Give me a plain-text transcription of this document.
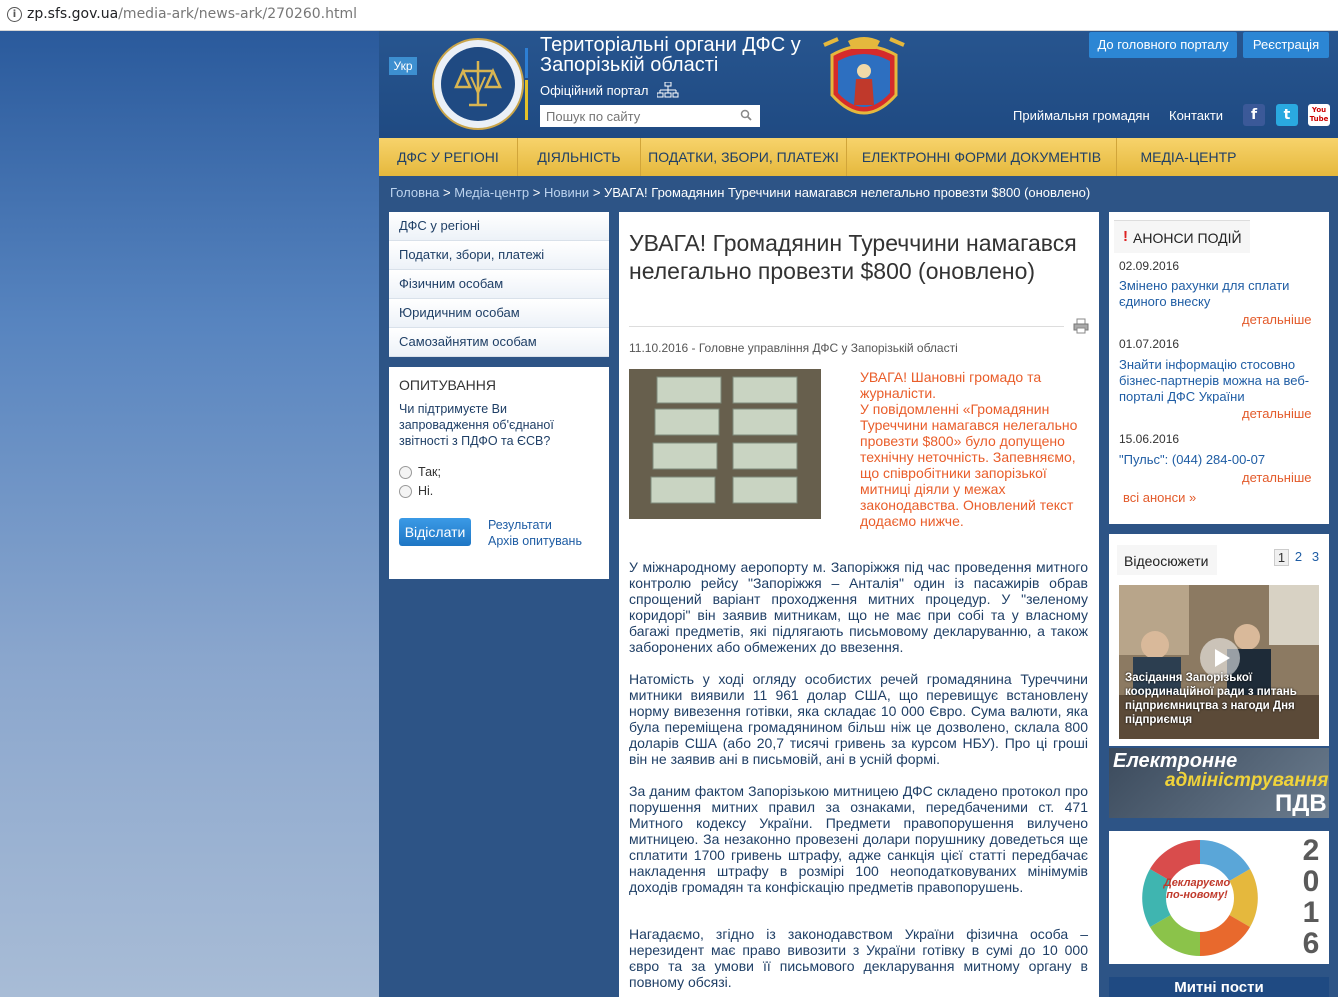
i zp.sfs.gov.ua/media-ark/news-ark/270260.html
Укр
Територіальні органи ДФС у Запорізькій області
Офіційний портал
Пошук по сайту
До головного порталу	Реєстрація
Приймальня громадян Контакти	f	t	You Tube
ДФС У РЕГІОНІ	ДІЯЛЬНІСТЬ	ПОДАТКИ, ЗБОРИ, ПЛАТЕЖІ	ЕЛЕКТРОННІ ФОРМИ ДОКУМЕНТІВ	МЕДІА-ЦЕНТР
Головна > Медіа-центр > Новини > УВАГА! Громадянин Туреччини намагався нелегально провезти $800 (оновлено)
ДФС у регіоні
Податки, збори, платежі
Фізичним особам
Юридичним особам
Самозайнятим особам
ОПИТУВАННЯ
Чи підтримуєте Ви запровадження об'єднаної звітності з ПДФО та ЄСВ?
Так;
Ні.
Відіслати	Результати
Архів опитувань
УВАГА! Громадянин Туреччини намагався нелегально провезти $800 (оновлено)
11.10.2016 - Головне управління ДФС у Запорізькій області
УВАГА! Шановні громадо та журналісти.
У повідомленні «Громадянин Туреччини намагався нелегально провезти $800» було допущено технічну неточність. Запевняємо, що співробітники запорізької митниці діяли у межах законодавства. Оновлений текст додаємо нижче.
У міжнародному аеропорту м. Запоріжжя під час проведення митного контролю рейсу "Запоріжжя – Анталія" один із пасажирів обрав спрощений варіант проходження митних процедур. У "зеленому коридорі" він заявив митникам, що не має при собі та у власному багажі предметів, які підлягають письмовому декларуванню, а також заборонених або обмежених до ввезення.
Натомість у ході огляду особистих речей громадянина Туреччини митники виявили 11 961 долар США, що перевищує встановлену норму вивезення готівки, яка складає 10 000 Євро. Сума валюти, яка була переміщена громадянином більш ніж це дозволено, склала 800 доларів США (або 20,7 тисячі гривень за курсом НБУ). Про ці гроші він не заявив ані в письмовій, ані в усній формі.
За даним фактом Запорізькою митницею ДФС складено протокол про порушення митних правил за ознаками, передбаченими ст. 471 Митного кодексу України. Предмети правопорушення вилучено митницею. За незаконно провезені долари порушнику доведеться ще сплатити 1700 гривень штрафу, адже санкція цієї статті передбачає накладення штрафу в розмірі 100 неоподатковуваних мінімумів доходів громадян та конфіскацію предметів правопорушень.
Нагадаємо, згідно із законодавством України фізична особа – нерезидент має право вивозити з України готівку в сумі до 10 000 євро та за умови її письмового декларування митному органу в повному обсязі.
! АНОНСИ ПОДІЙ
02.09.2016
Змінено рахунки для сплати єдиного внеску
детальніше
01.07.2016
Знайти інформацію стосовно бізнес-партнерів можна на веб-порталі ДФС України
детальніше
15.06.2016
"Пульс": (044) 284-00-07
детальніше
всі анонси »
Відеосюжети	1 2 3
Засідання Запорізької координаційної ради з питань підприємництва з нагоди Дня підприємця
Електронне
адміністрування
ПДВ
Декларуємо по-новому!
2016
Митні пости
